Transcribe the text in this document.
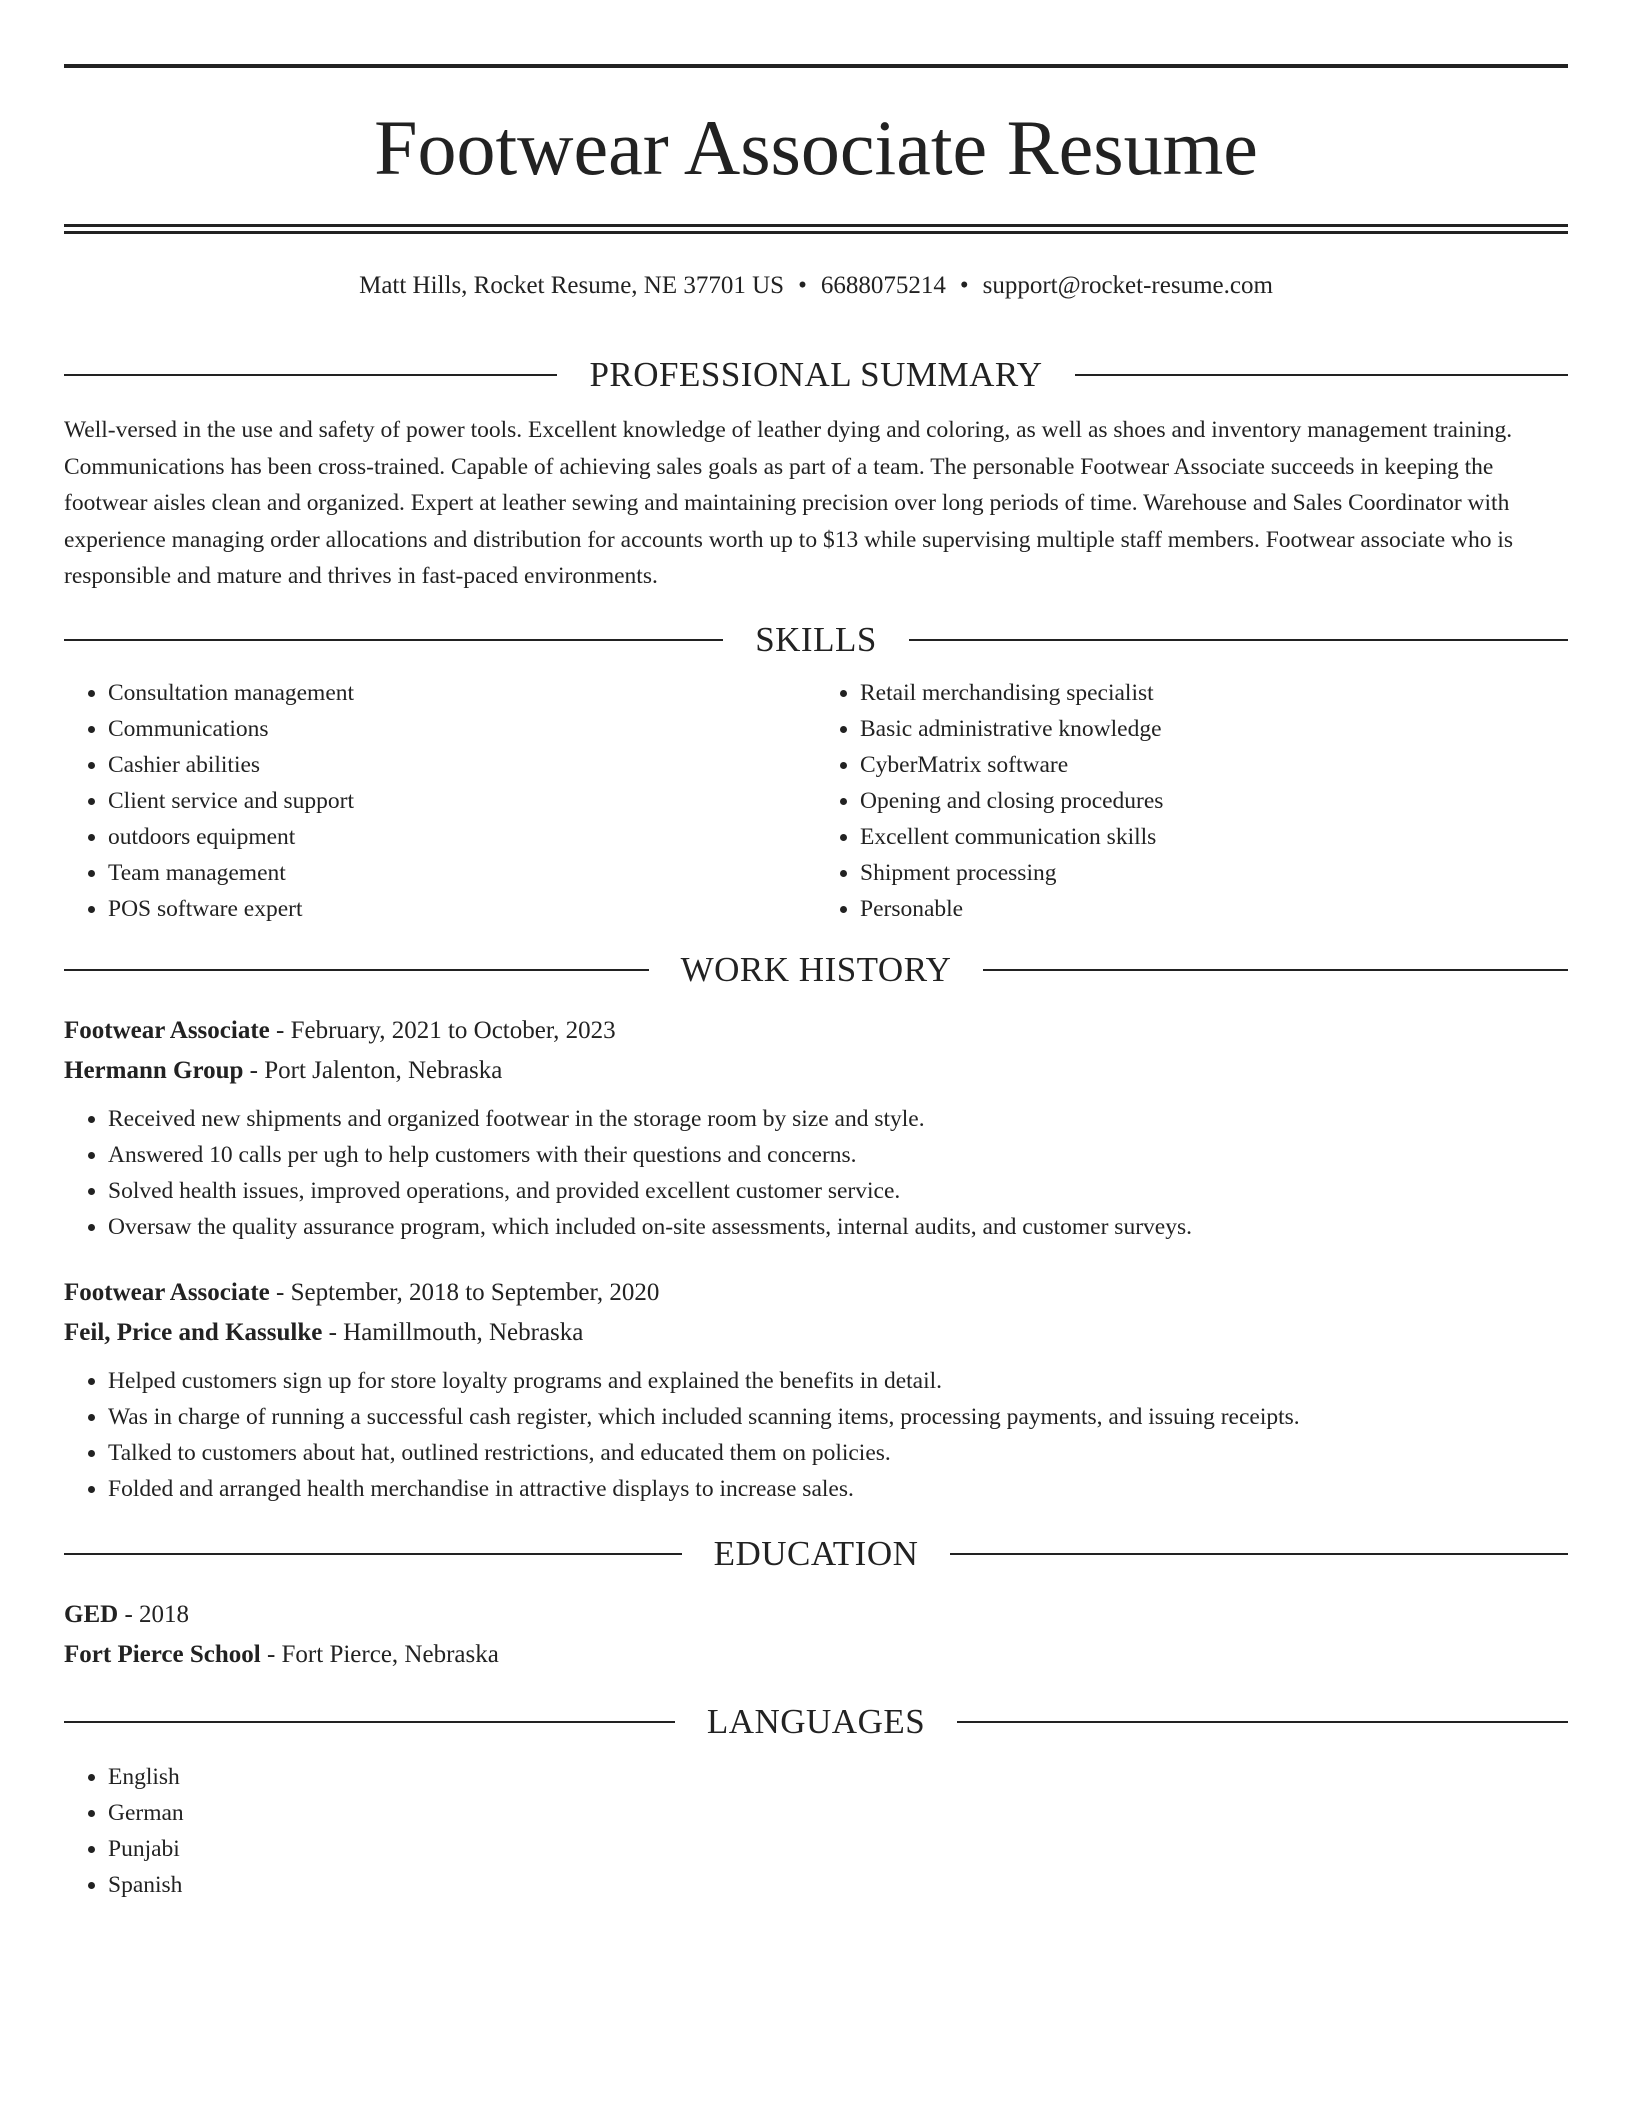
Footwear Associate Resume
Matt Hills, Rocket Resume, NE 37701 US • 6688075214 • support@rocket-resume.com
PROFESSIONAL SUMMARY

Well-versed in the use and safety of power tools. Excellent knowledge of leather dying and coloring, as well as shoes and inventory management training. Communications has been cross-trained. Capable of achieving sales goals as part of a team. The personable Footwear Associate succeeds in keeping the footwear aisles clean and organized. Expert at leather sewing and maintaining precision over long periods of time. Warehouse and Sales Coordinator with experience managing order allocations and distribution for accounts worth up to $13 while supervising multiple staff members. Footwear associate who is responsible and mature and thrives in fast-paced environments.

SKILLS
• Consultation management
• Communications
• Cashier abilities
• Client service and support
• outdoors equipment
• Team management
• POS software expert
• Retail merchandising specialist
• Basic administrative knowledge
• CyberMatrix software
• Opening and closing procedures
• Excellent communication skills
• Shipment processing
• Personable
WORK HISTORY
Footwear Associate - February, 2021 to October, 2023
Hermann Group - Port Jalenton, Nebraska
• Received new shipments and organized footwear in the storage room by size and style.
• Answered 10 calls per ugh to help customers with their questions and concerns.
• Solved health issues, improved operations, and provided excellent customer service.
• Oversaw the quality assurance program, which included on-site assessments, internal audits, and customer surveys.
Footwear Associate - September, 2018 to September, 2020
Feil, Price and Kassulke - Hamillmouth, Nebraska
• Helped customers sign up for store loyalty programs and explained the benefits in detail.
• Was in charge of running a successful cash register, which included scanning items, processing payments, and issuing receipts.
• Talked to customers about hat, outlined restrictions, and educated them on policies.
• Folded and arranged health merchandise in attractive displays to increase sales.
EDUCATION
GED - 2018
Fort Pierce School - Fort Pierce, Nebraska
LANGUAGES
• English
• German
• Punjabi
• Spanish
